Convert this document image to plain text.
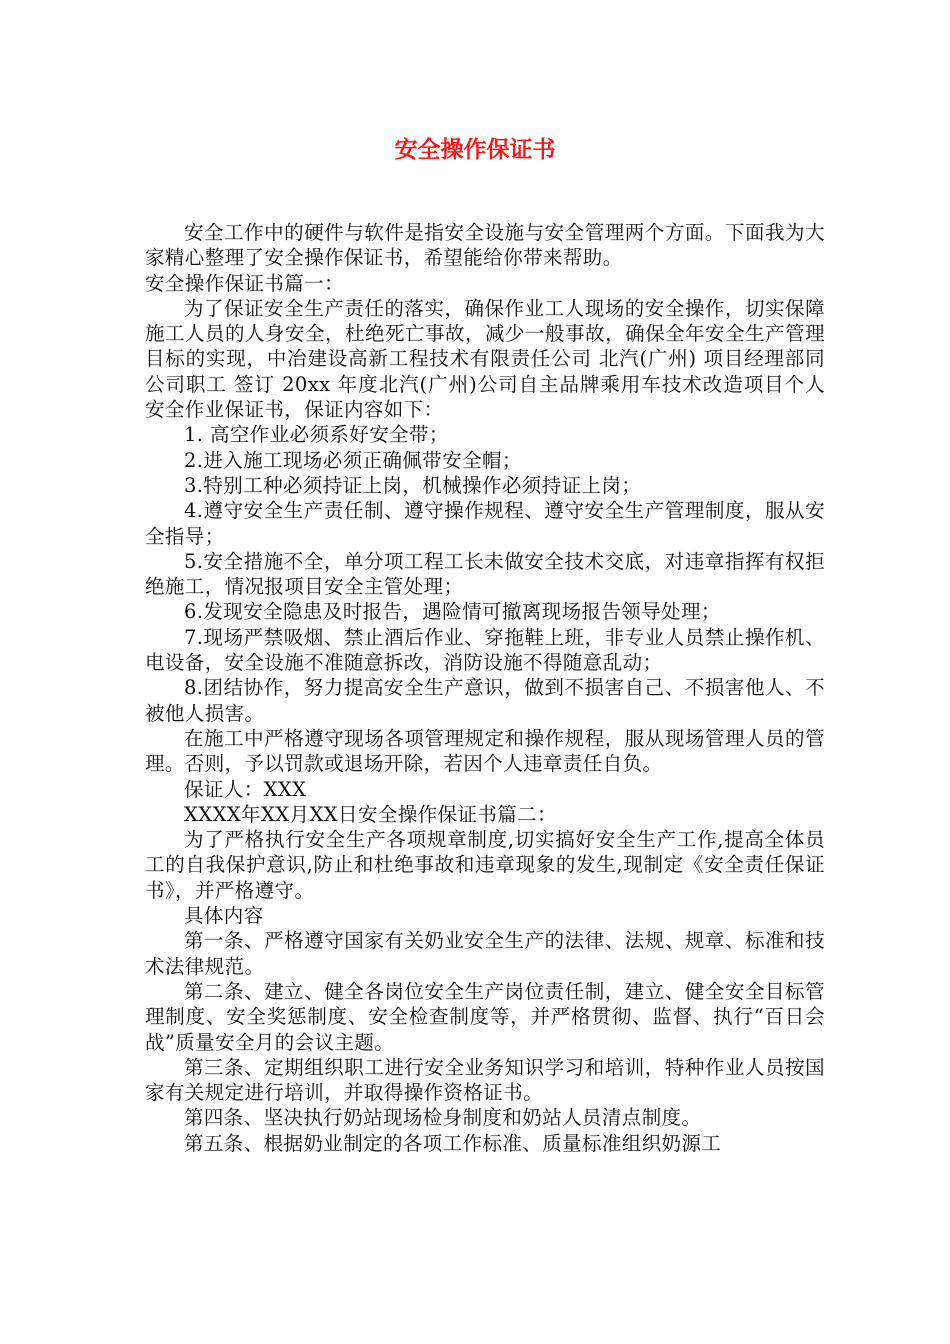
安全操作保证书

安全工作中的硬件与软件是指安全设施与安全管理两个方面。下面我为大家精心整理了安全操作保证书，希望能给你带来帮助。

安全操作保证书篇一：

为了保证安全生产责任的落实，确保作业工人现场的安全操作，切实保障施工人员的人身安全，杜绝死亡事故，减少一般事故，确保全年安全生产管理目标的实现，中冶建设高新工程技术有限责任公司 北汽(广州) 项目经理部同 公司职工 签订 20xx 年度北汽(广州)公司自主品牌乘用车技术改造项目个人安全作业保证书，保证内容如下：

1. 高空作业必须系好安全带；

2.进入施工现场必须正确佩带安全帽；

3.特别工种必须持证上岗，机械操作必须持证上岗；

4.遵守安全生产责任制、遵守操作规程、遵守安全生产管理制度，服从安全指导；

5.安全措施不全，单分项工程工长未做安全技术交底，对违章指挥有权拒绝施工，情况报项目安全主管处理；

6.发现安全隐患及时报告，遇险情可撤离现场报告领导处理；

7.现场严禁吸烟、禁止酒后作业、穿拖鞋上班，非专业人员禁止操作机、电设备，安全设施不准随意拆改，消防设施不得随意乱动；

8.团结协作，努力提高安全生产意识，做到不损害自己、不损害他人、不被他人损害。

在施工中严格遵守现场各项管理规定和操作规程，服从现场管理人员的管理。否则，予以罚款或退场开除，若因个人违章责任自负。

保证人：XXX

XXXX年XX月XX日安全操作保证书篇二：

为了严格执行安全生产各项规章制度,切实搞好安全生产工作,提高全体员工的自我保护意识,防止和杜绝事故和违章现象的发生,现制定《安全责任保证书》，并严格遵守。

具体内容

第一条、严格遵守国家有关奶业安全生产的法律、法规、规章、标准和技术法律规范。

第二条、建立、健全各岗位安全生产岗位责任制，建立、健全安全目标管理制度、安全奖惩制度、安全检查制度等，并严格贯彻、监督、执行“百日会战”质量安全月的会议主题。

第三条、定期组织职工进行安全业务知识学习和培训，特种作业人员按国家有关规定进行培训，并取得操作资格证书。

第四条、坚决执行奶站现场检身制度和奶站人员清点制度。

第五条、根据奶业制定的各项工作标准、质量标准组织奶源工
